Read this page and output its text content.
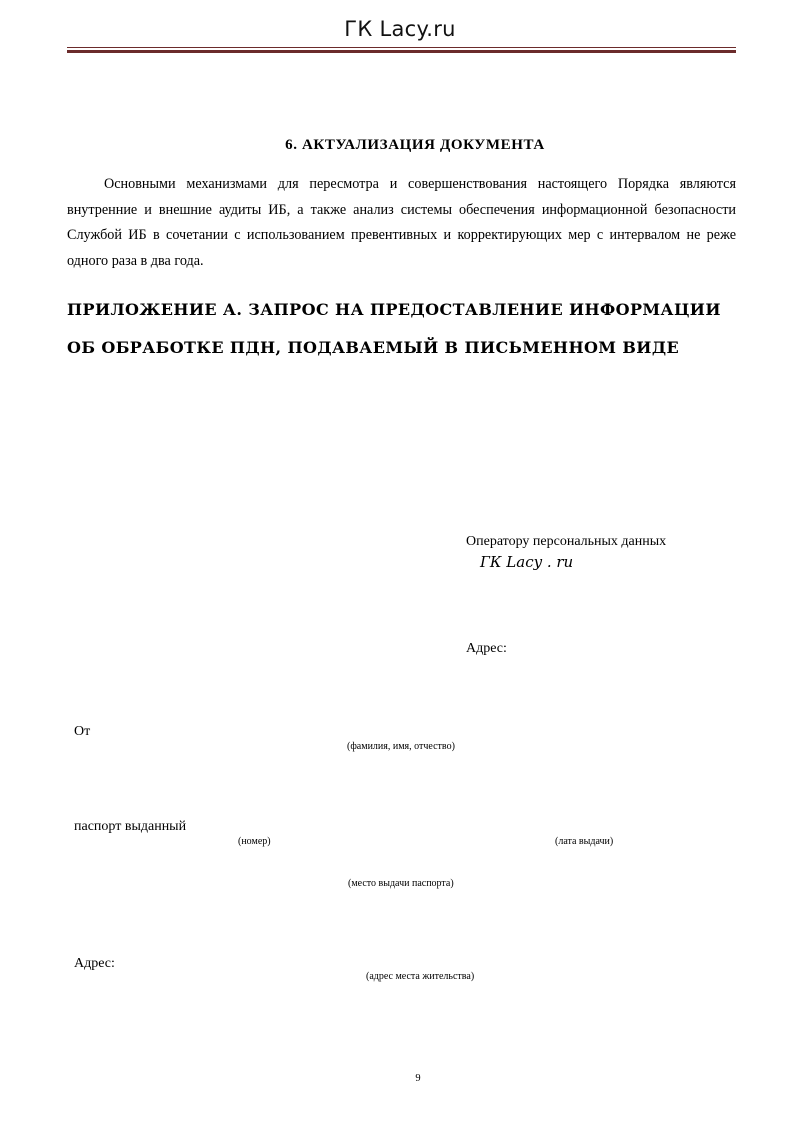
ГК Lacy.ru
6. АКТУАЛИЗАЦИЯ ДОКУМЕНТА
Основными механизмами для пересмотра и совершенствования настоящего Порядка являются внутренние и внешние аудиты ИБ, а также анализ системы обеспечения информационной безопасности Службой ИБ в сочетании с использованием превентивных и корректирующих мер с интервалом не реже одного раза в два года.
ПРИЛОЖЕНИЕ А. ЗАПРОС НА ПРЕДОСТАВЛЕНИЕ ИНФОРМАЦИИ ОБ ОБРАБОТКЕ ПДН, ПОДАВАЕМЫЙ В ПИСЬМЕННОМ ВИДЕ
Оператору персональных данных
ГК Lacy . ru
Адрес:
От
(фамилия, имя, отчество)
паспорт выданный
(номер)	(лата выдачи)
(место выдачи паспорта)
Адрес:
(адрес места жительства)
9
